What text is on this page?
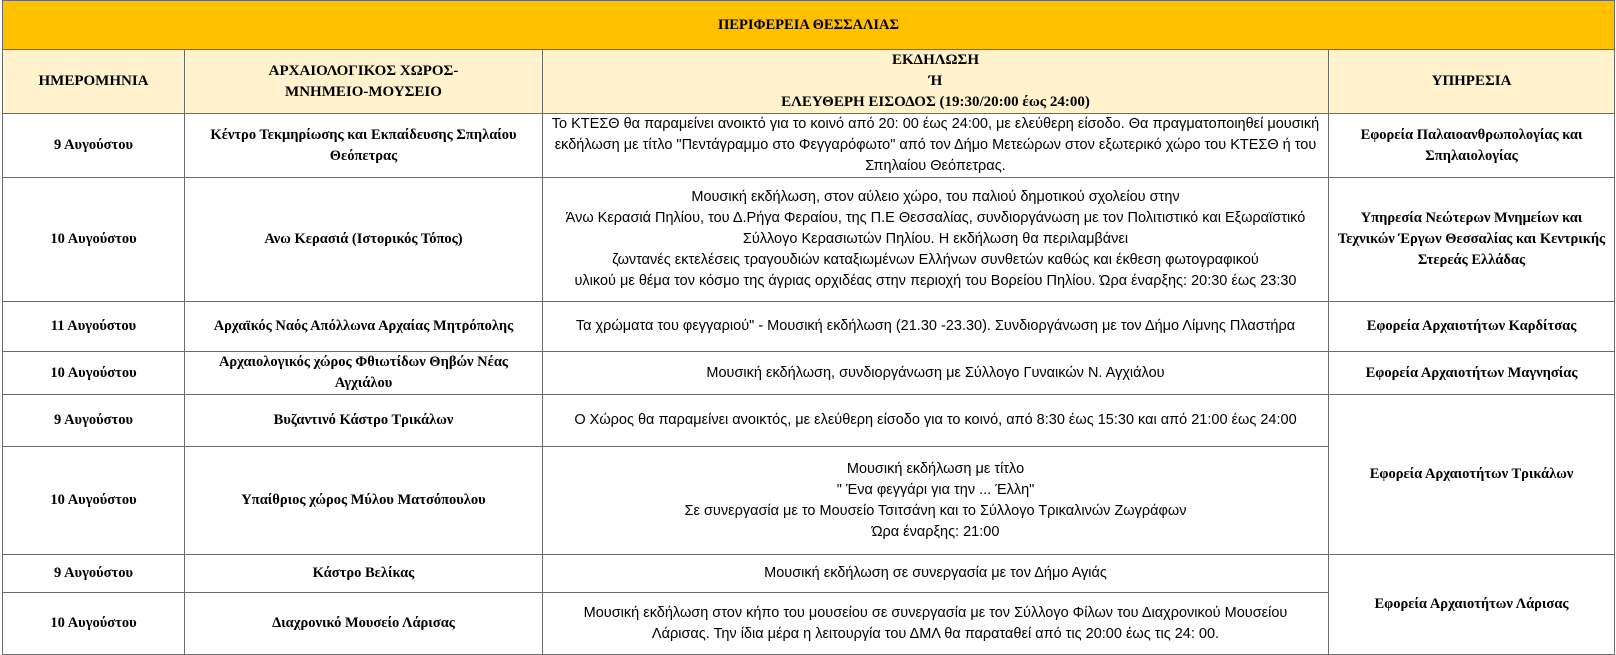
ΠΕΡΙΦΕΡΕΙΑ ΘΕΣΣΑΛΙΑΣ			
ΗΜΕΡΟΜΗΝΙΑ	ΑΡΧΑΙΟΛΟΓΙΚΟΣ ΧΩΡΟΣ-
ΜΝΗΜΕΙΟ-ΜΟΥΣΕΙΟ	ΕΚΔΗΛΩΣΗ
Ή
ΕΛΕΥΘΕΡΗ ΕΙΣΟΔΟΣ (19:30/20:00 έως 24:00)	ΥΠΗΡΕΣΙΑ
9 Αυγούστου	Κέντρο Τεκμηρίωσης και Εκπαίδευσης Σπηλαίου Θεόπετρας	Το ΚΤΕΣΘ θα παραμείνει ανοικτό για το κοινό από 20: 00 έως 24:00, με ελεύθερη είσοδο. Θα πραγματοποιηθεί μουσική εκδήλωση με τίτλο "Πεντάγραμμο στο Φεγγαρόφωτο" από τον Δήμο Μετεώρων στον εξωτερικό χώρο του ΚΤΕΣΘ ή του Σπηλαίου Θεόπετρας.	Εφορεία Παλαιοανθρωπολογίας και Σπηλαιολογίας
10 Αυγούστου	Ανω Κερασιά (Ιστορικός Τόπος)	Μουσική εκδήλωση, στον αύλειο χώρο, του παλιού δημοτικού σχολείου στην
Άνω Κερασιά Πηλίου, του Δ.Ρήγα Φεραίου, της Π.Ε Θεσσαλίας, συνδιοργάνωση με τον Πολιτιστικό και Εξωραϊστικό
Σύλλογο Κερασιωτών Πηλίου. Η εκδήλωση θα περιλαμβάνει
ζωντανές εκτελέσεις τραγουδιών καταξιωμένων Ελλήνων συνθετών καθώς και έκθεση φωτογραφικού
υλικού με θέμα τον κόσμο της άγριας ορχιδέας στην περιοχή του Βορείου Πηλίου. Ώρα έναρξης: 20:30 έως 23:30	Υπηρεσία Νεώτερων Μνημείων και Τεχνικών Έργων Θεσσαλίας και Κεντρικής Στερεάς Ελλάδας
11 Αυγούστου	Αρχαϊκός Ναός Απόλλωνα Αρχαίας Μητρόπολης	Τα χρώματα του φεγγαριού" - Μουσική εκδήλωση (21.30 -23.30). Συνδιοργάνωση με τον Δήμο Λίμνης Πλαστήρα	Εφορεία Αρχαιοτήτων Καρδίτσας
10 Αυγούστου	Αρχαιολογικός χώρος Φθιωτίδων Θηβών Νέας Αγχιάλου	Μουσική εκδήλωση, συνδιοργάνωση με Σύλλογο Γυναικών Ν. Αγχιάλου	Εφορεία Αρχαιοτήτων Μαγνησίας
9 Αυγούστου	Βυζαντινό Κάστρο Τρικάλων	Ο Χώρος θα παραμείνει ανοικτός, με ελεύθερη είσοδο για το κοινό, από 8:30 έως 15:30 και από 21:00 έως 24:00	Εφορεία Αρχαιοτήτων Τρικάλων
10 Αυγούστου	Υπαίθριος χώρος Μύλου Ματσόπουλου	Μουσική εκδήλωση με τίτλο
" Ένα φεγγάρι για την ... Έλλη"
Σε συνεργασία με το Μουσείο Τσιτσάνη και το Σύλλογο Τρικαλινών Ζωγράφων
Ώρα έναρξης: 21:00	

9 Αυγούστου	Κάστρο Βελίκας	Μουσική εκδήλωση σε συνεργασία με τον Δήμο Αγιάς	Εφορεία Αρχαιοτήτων Λάρισας
10 Αυγούστου	Διαχρονικό Μουσείο Λάρισας	Μουσική εκδήλωση στον κήπο του μουσείου σε συνεργασία με τον Σύλλογο Φίλων του Διαχρονικού Μουσείου
Λάρισας. Την ίδια μέρα η λειτουργία του ΔΜΛ θα παραταθεί από τις 20:00 έως τις 24: 00.	
